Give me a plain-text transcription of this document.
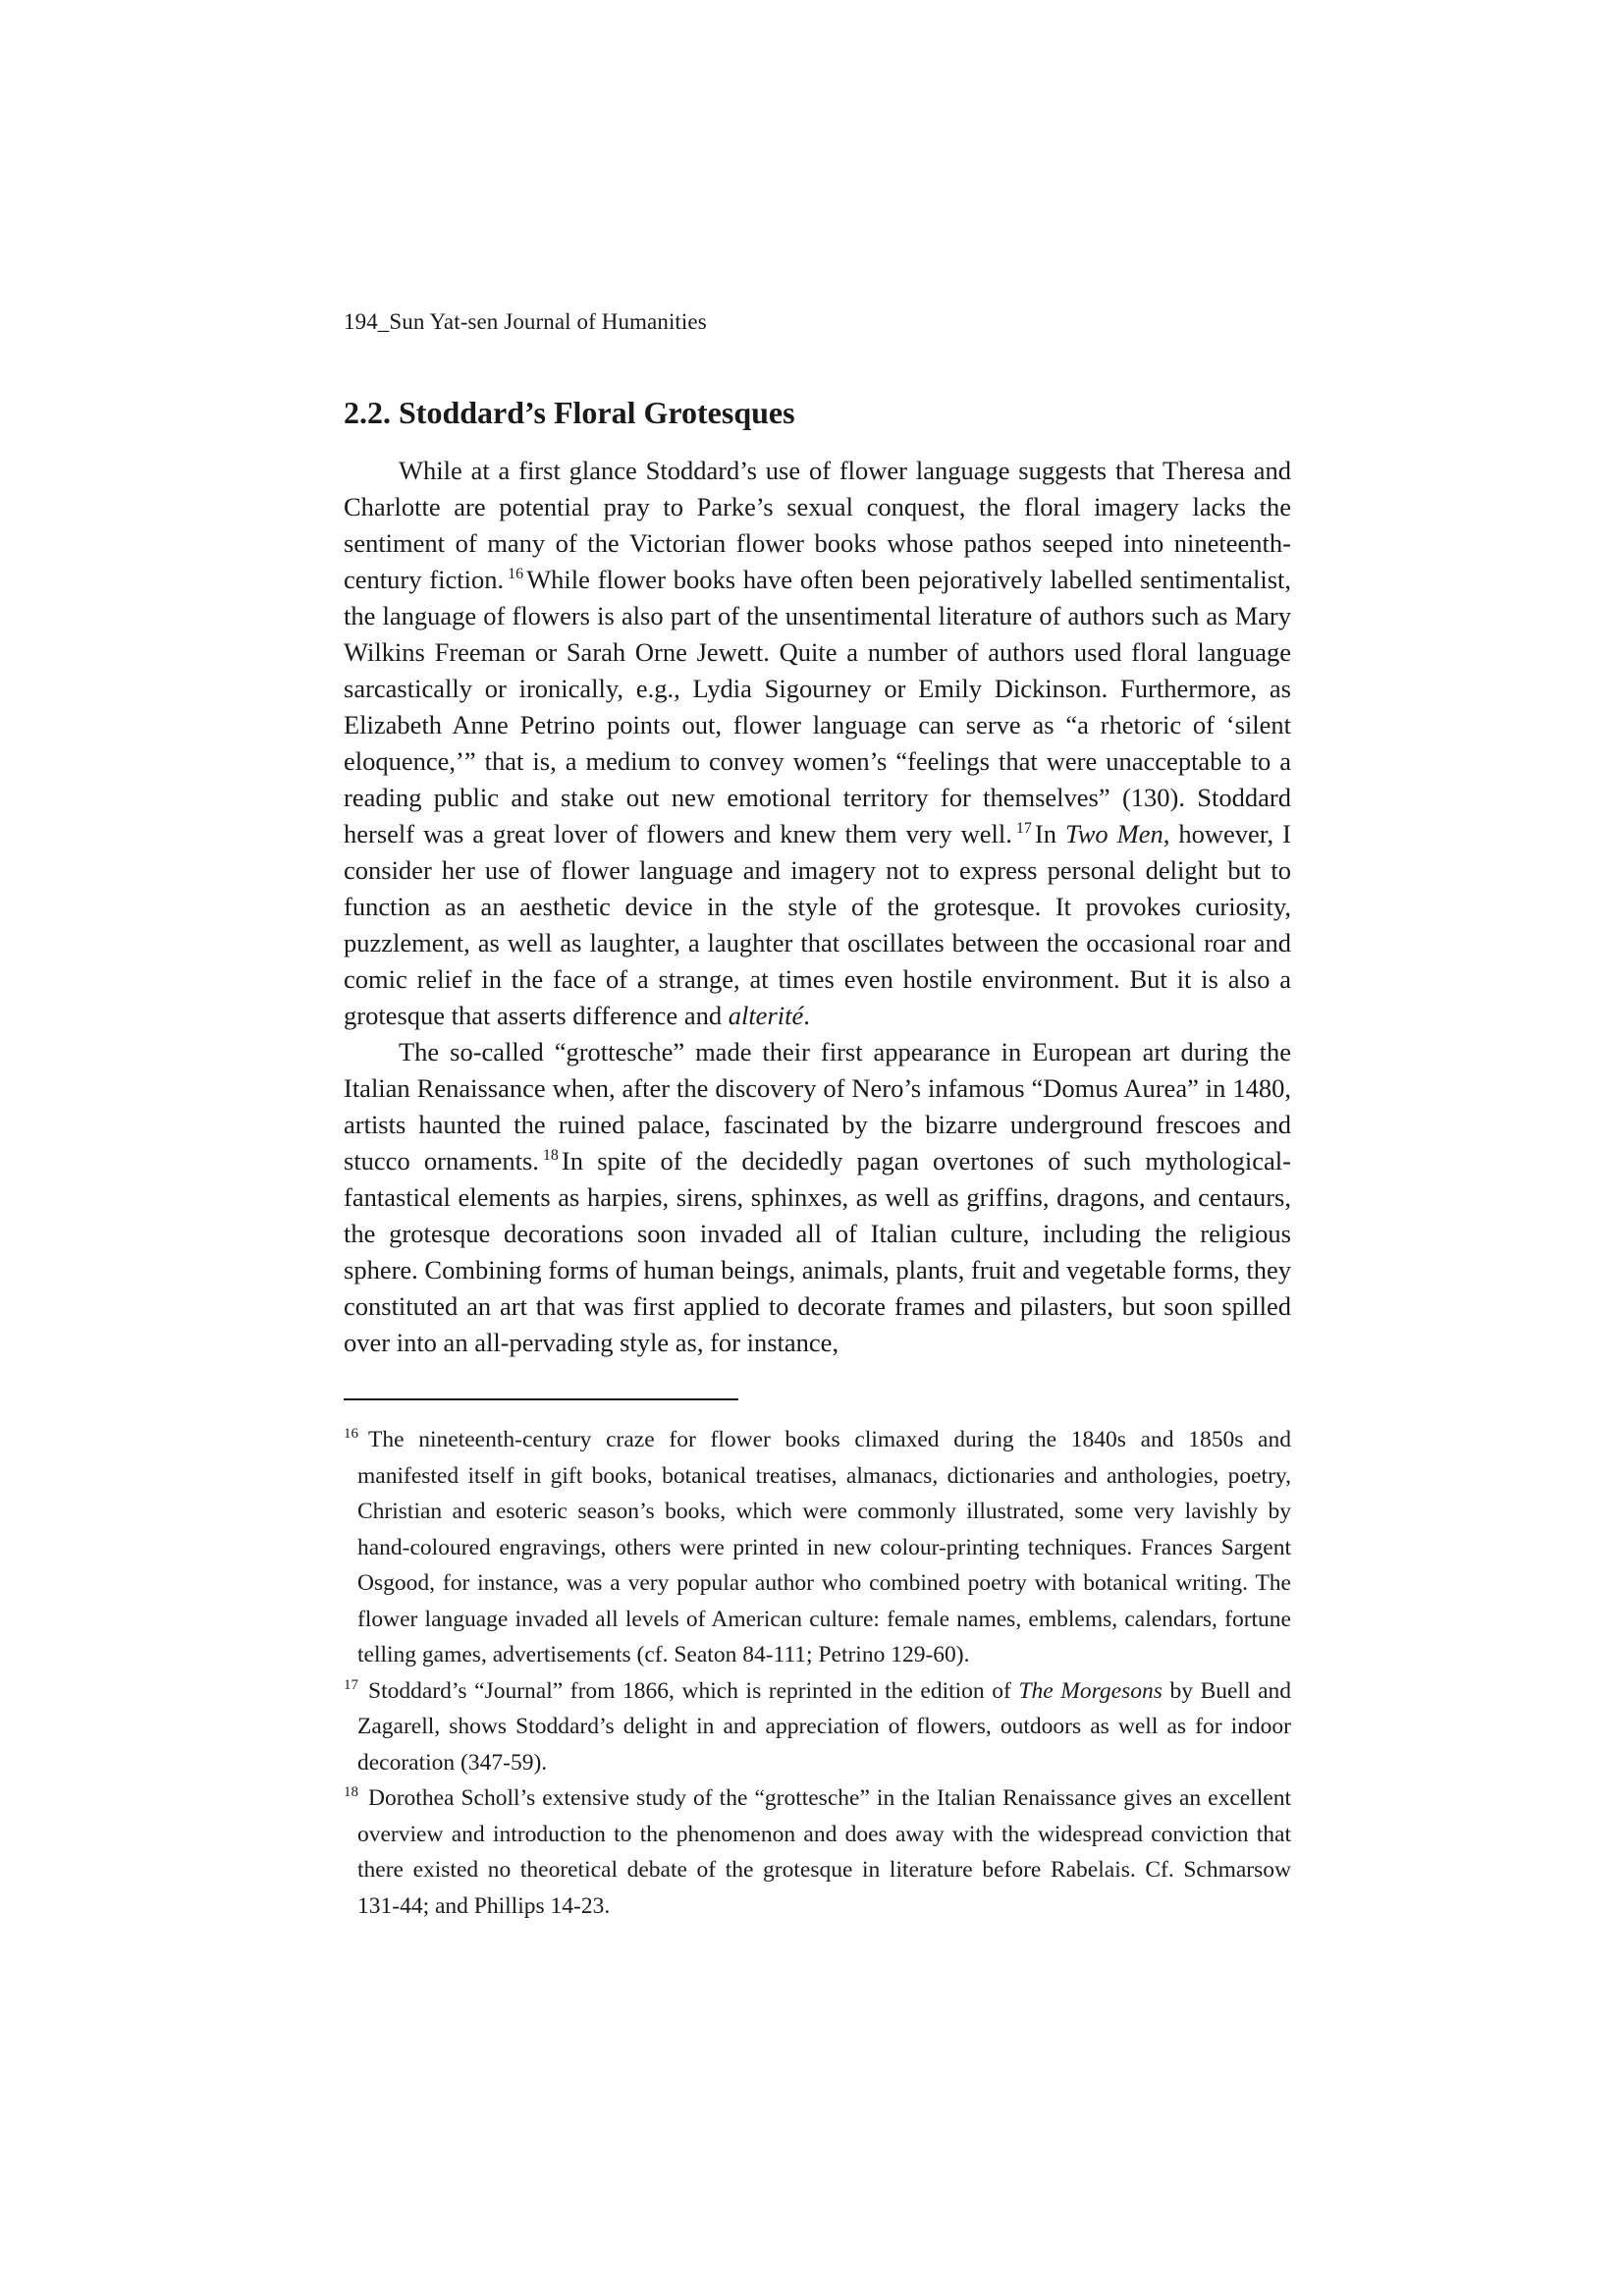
194_Sun Yat-sen Journal of Humanities
2.2. Stoddard’s Floral Grotesques

While at a first glance Stoddard’s use of flower language suggests that Theresa and Charlotte are potential pray to Parke’s sexual conquest, the floral imagery lacks the sentiment of many of the Victorian flower books whose pathos seeped into nineteenth-century fiction. $^{16}$ While flower books have often been pejoratively labelled sentimentalist, the language of flowers is also part of the unsentimental literature of authors such as Mary Wilkins Freeman or Sarah Orne Jewett. Quite a number of authors used floral language sarcastically or ironically, e.g., Lydia Sigourney or Emily Dickinson. Furthermore, as Elizabeth Anne Petrino points out, flower language can serve as “a rhetoric of ‘silent eloquence,’” that is, a medium to convey women’s “feelings that were unacceptable to a reading public and stake out new emotional territory for themselves” (130). Stoddard herself was a great lover of flowers and knew them very well. $^{17}$ In Two Men, however, I consider her use of flower language and imagery not to express personal delight but to function as an aesthetic device in the style of the grotesque. It provokes curiosity, puzzlement, as well as laughter, a laughter that oscillates between the occasional roar and comic relief in the face of a strange, at times even hostile environment. But it is also a grotesque that asserts difference and alterité.

The so-called “grottesche” made their first appearance in European art during the Italian Renaissance when, after the discovery of Nero’s infamous “Domus Aurea” in 1480, artists haunted the ruined palace, fascinated by the bizarre underground frescoes and stucco ornaments. $^{18}$ In spite of the decidedly pagan overtones of such mythological-fantastical elements as harpies, sirens, sphinxes, as well as griffins, dragons, and centaurs, the grotesque decorations soon invaded all of Italian culture, including the religious sphere. Combining forms of human beings, animals, plants, fruit and vegetable forms, they constituted an art that was first applied to decorate frames and pilasters, but soon spilled over into an all-pervading style as, for instance,

$^{16}$ The nineteenth-century craze for flower books climaxed during the 1840s and 1850s and manifested itself in gift books, botanical treatises, almanacs, dictionaries and anthologies, poetry, Christian and esoteric season’s books, which were commonly illustrated, some very lavishly by hand-coloured engravings, others were printed in new colour-printing techniques. Frances Sargent Osgood, for instance, was a very popular author who combined poetry with botanical writing. The flower language invaded all levels of American culture: female names, emblems, calendars, fortune telling games, advertisements (cf. Seaton 84-111; Petrino 129-60).

$^{17}$ Stoddard’s “Journal” from 1866, which is reprinted in the edition of The Morgesons by Buell and Zagarell, shows Stoddard’s delight in and appreciation of flowers, outdoors as well as for indoor decoration (347-59).

$^{18}$ Dorothea Scholl’s extensive study of the “grottesche” in the Italian Renaissance gives an excellent overview and introduction to the phenomenon and does away with the widespread conviction that there existed no theoretical debate of the grotesque in literature before Rabelais. Cf. Schmarsow 131-44; and Phillips 14-23.
